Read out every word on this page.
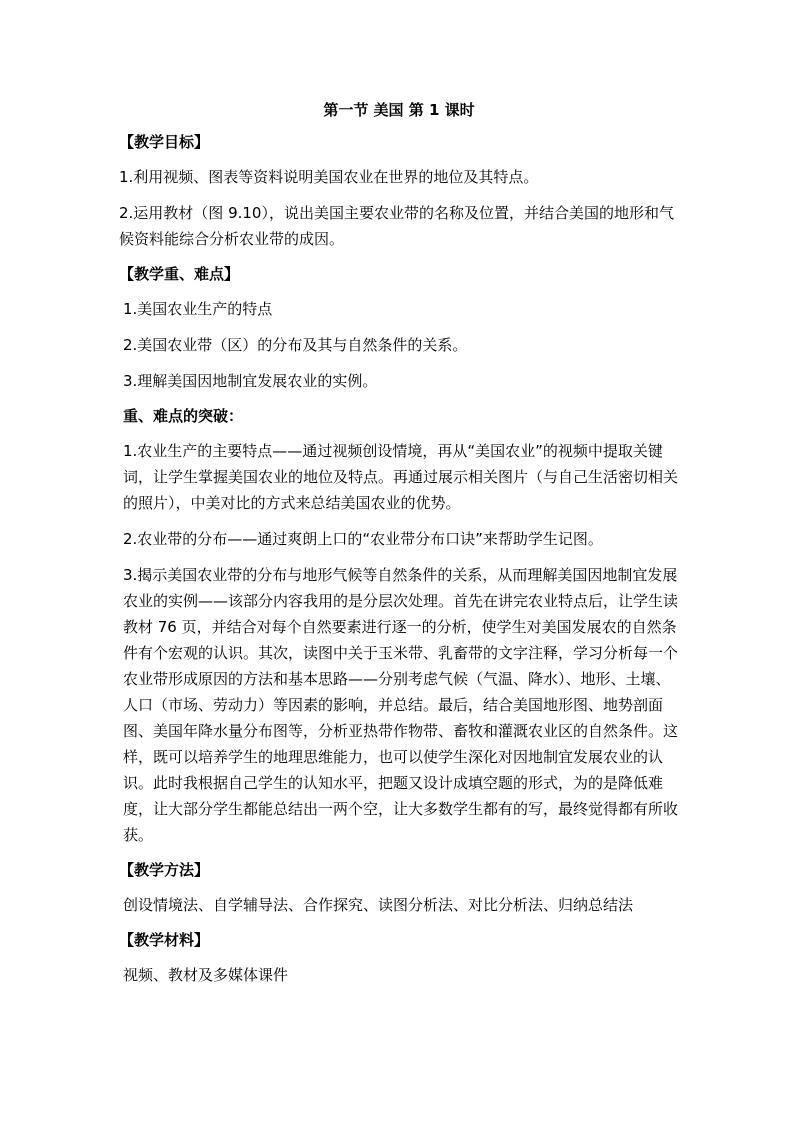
第一节 美国 第 1 课时
【教学目标】
1.利用视频、图表等资料说明美国农业在世界的地位及其特点。
2.运用教材（图 9.10），说出美国主要农业带的名称及位置，并结合美国的地形和气候资料能综合分析农业带的成因。
【教学重、难点】
1.美国农业生产的特点
2.美国农业带（区）的分布及其与自然条件的关系。
3.理解美国因地制宜发展农业的实例。
重、难点的突破：
1.农业生产的主要特点——通过视频创设情境，再从“美国农业”的视频中提取关键词，让学生掌握美国农业的地位及特点。再通过展示相关图片（与自己生活密切相关的照片），中美对比的方式来总结美国农业的优势。
2.农业带的分布——通过爽朗上口的“农业带分布口诀”来帮助学生记图。
3.揭示美国农业带的分布与地形气候等自然条件的关系，从而理解美国因地制宜发展农业的实例——该部分内容我用的是分层次处理。首先在讲完农业特点后，让学生读教材 76 页，并结合对每个自然要素进行逐一的分析，使学生对美国发展农的自然条件有个宏观的认识。其次，读图中关于玉米带、乳畜带的文字注释，学习分析每一个农业带形成原因的方法和基本思路——分别考虑气候（气温、降水）、地形、土壤、人口（市场、劳动力）等因素的影响，并总结。最后，结合美国地形图、地势剖面图、美国年降水量分布图等，分析亚热带作物带、畜牧和灌溉农业区的自然条件。这样，既可以培养学生的地理思维能力，也可以使学生深化对因地制宜发展农业的认识。此时我根据自己学生的认知水平，把题又设计成填空题的形式，为的是降低难度，让大部分学生都能总结出一两个空，让大多数学生都有的写，最终觉得都有所收获。
【教学方法】
创设情境法、自学辅导法、合作探究、读图分析法、对比分析法、归纳总结法
【教学材料】
视频、教材及多媒体课件
